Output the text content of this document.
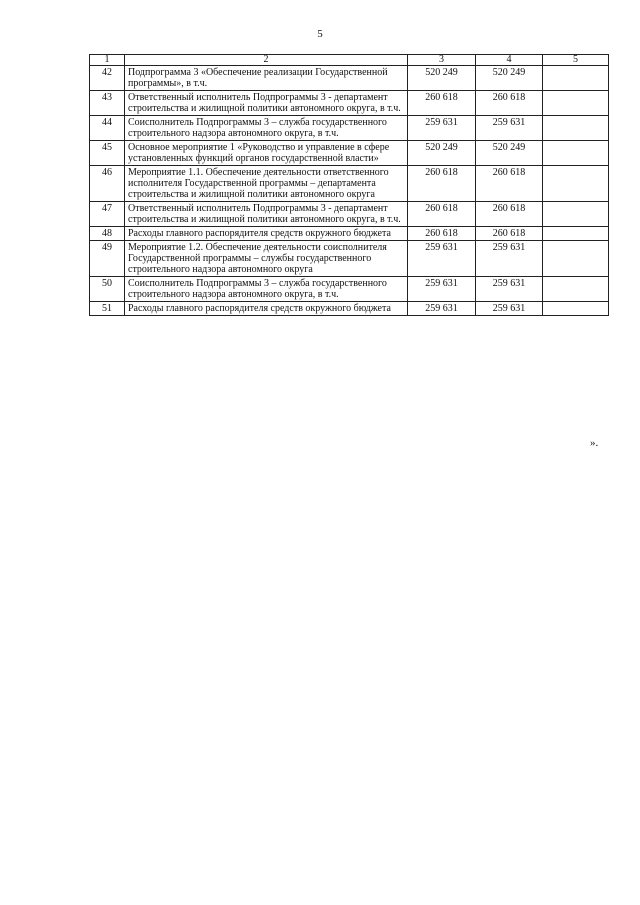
5
1	2	3	4	5
42	Подпрограмма 3 «Обеспечение реализации Государственной программы», в т.ч.	520 249	520 249	
43	Ответственный исполнитель Подпрограммы 3 - департамент строительства и жилищной политики автономного округа, в т.ч.	260 618	260 618	
44	Соисполнитель Подпрограммы 3 – служба государственного строительного надзора автономного округа, в т.ч.	259 631	259 631	
45	Основное мероприятие 1 «Руководство и управление в сфере установленных функций органов государственной власти»	520 249	520 249	
46	Мероприятие 1.1. Обеспечение деятельности ответственного исполнителя Государственной программы – департамента строительства и жилищной политики автономного округа	260 618	260 618	
47	Ответственный исполнитель Подпрограммы 3 - департамент строительства и жилищной политики автономного округа, в т.ч.	260 618	260 618	
48	Расходы главного распорядителя средств окружного бюджета	260 618	260 618	
49	Мероприятие 1.2. Обеспечение деятельности соисполнителя Государственной программы – службы государственного строительного надзора автономного округа	259 631	259 631	
50	Соисполнитель Подпрограммы 3 – служба государственного строительного надзора автономного округа, в т.ч.	259 631	259 631	
51	Расходы главного распорядителя средств окружного бюджета	259 631	259 631	
».
